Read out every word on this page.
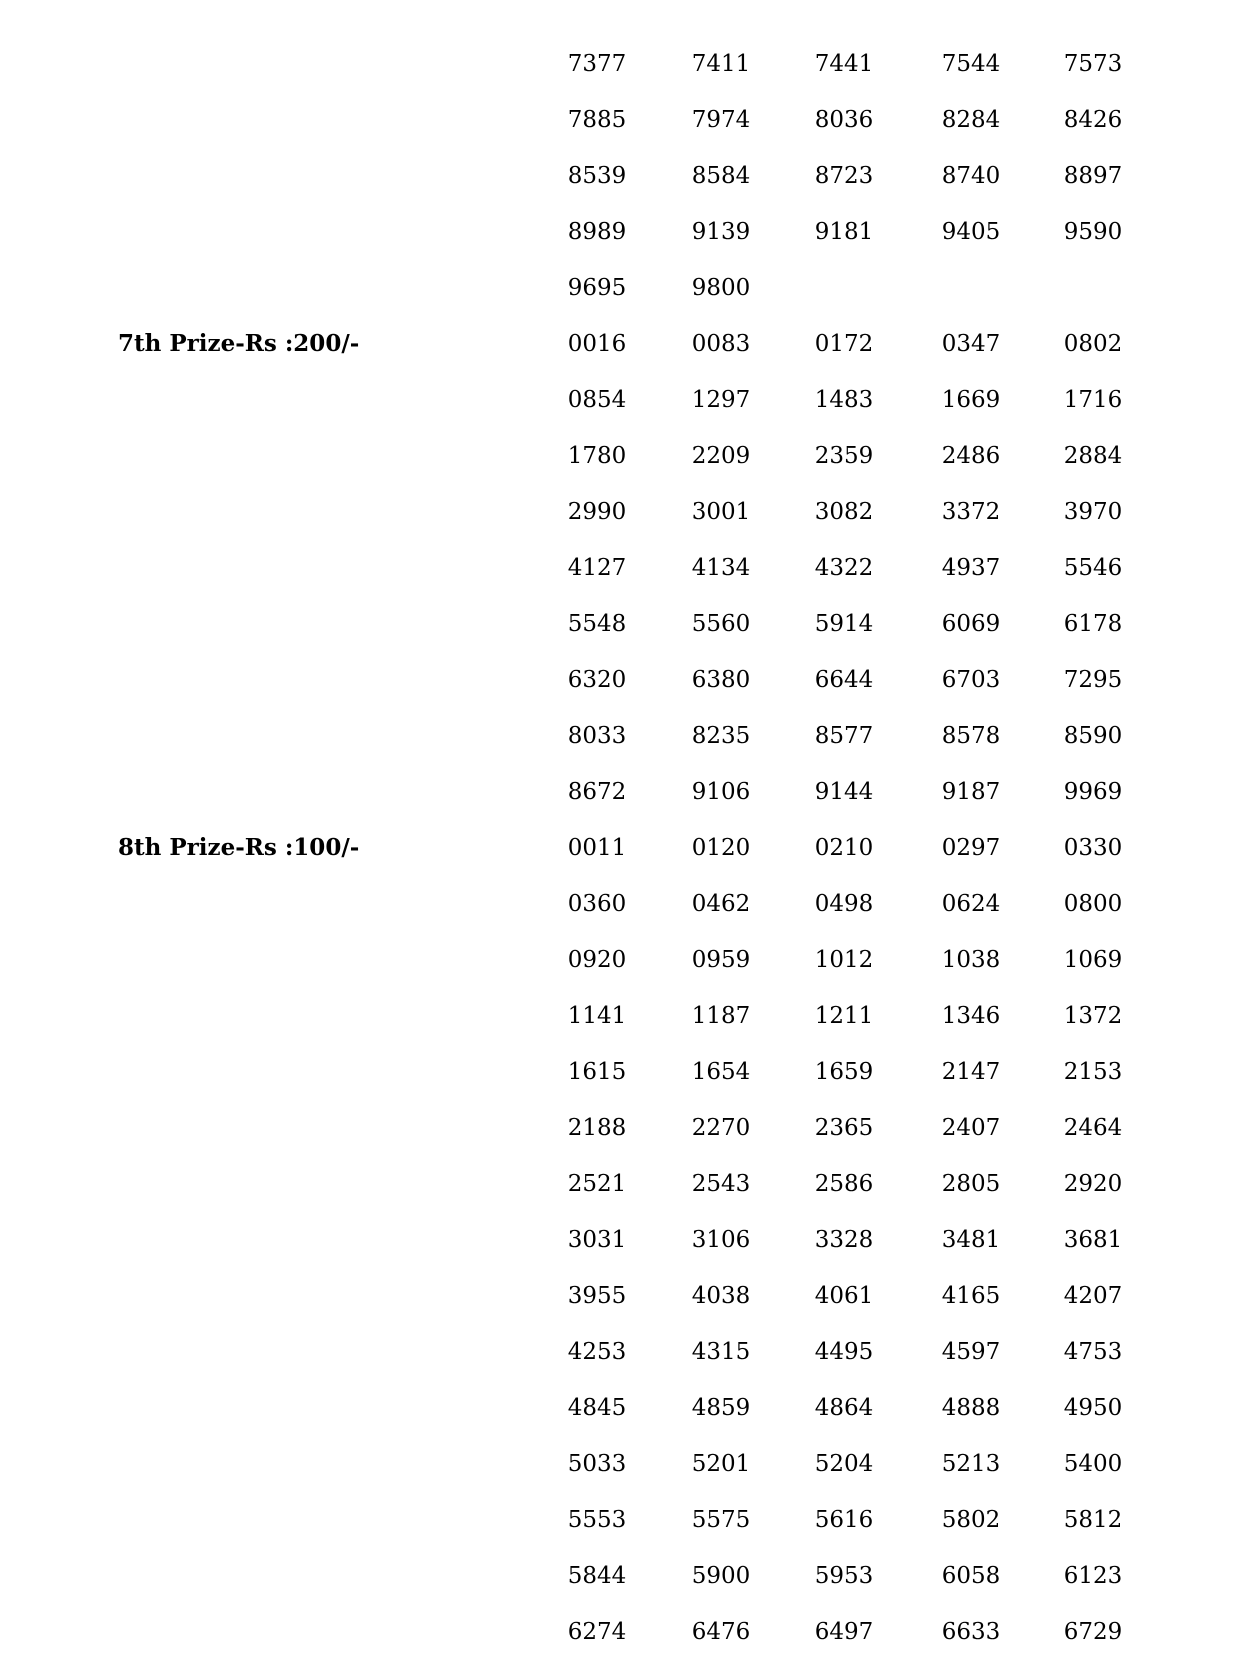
7377	7411	7441	7544	7573
7885	7974	8036	8284	8426
8539	8584	8723	8740	8897
8989	9139	9181	9405	9590
9695	9800
7th Prize-Rs :200/-	0016	0083	0172	0347	0802
0854	1297	1483	1669	1716
1780	2209	2359	2486	2884
2990	3001	3082	3372	3970
4127	4134	4322	4937	5546
5548	5560	5914	6069	6178
6320	6380	6644	6703	7295
8033	8235	8577	8578	8590
8672	9106	9144	9187	9969
8th Prize-Rs :100/-	0011	0120	0210	0297	0330
0360	0462	0498	0624	0800
0920	0959	1012	1038	1069
1141	1187	1211	1346	1372
1615	1654	1659	2147	2153
2188	2270	2365	2407	2464
2521	2543	2586	2805	2920
3031	3106	3328	3481	3681
3955	4038	4061	4165	4207
4253	4315	4495	4597	4753
4845	4859	4864	4888	4950
5033	5201	5204	5213	5400
5553	5575	5616	5802	5812
5844	5900	5953	6058	6123
6274	6476	6497	6633	6729
